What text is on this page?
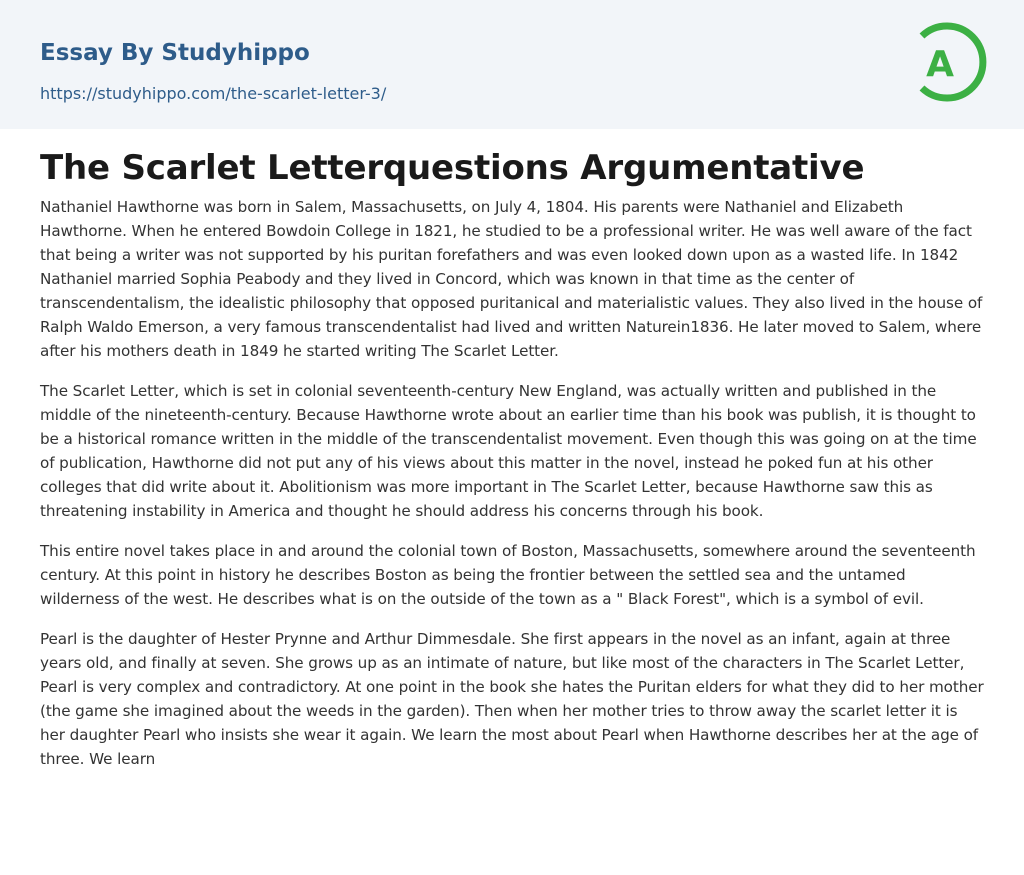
Essay By Studyhippo
https://studyhippo.com/the-scarlet-letter-3/
A
The Scarlet Letterquestions Argumentative

Nathaniel Hawthorne was born in Salem, Massachusetts, on July 4, 1804. His parents were Nathaniel and Elizabeth Hawthorne. When he entered Bowdoin College in 1821, he studied to be a professional writer. He was well aware of the fact that being a writer was not supported by his puritan forefathers and was even looked down upon as a wasted life. In 1842 Nathaniel married Sophia Peabody and they lived in Concord, which was known in that time as the center of transcendentalism, the idealistic philosophy that opposed puritanical and materialistic values. They also lived in the house of Ralph Waldo Emerson, a very famous transcendentalist had lived and written Naturein1836. He later moved to Salem, where after his mothers death in 1849 he started writing The Scarlet Letter.

The Scarlet Letter, which is set in colonial seventeenth-century New England, was actually written and published in the middle of the nineteenth-century. Because Hawthorne wrote about an earlier time than his book was publish, it is thought to be a historical romance written in the middle of the transcendentalist movement. Even though this was going on at the time of publication, Hawthorne did not put any of his views about this matter in the novel, instead he poked fun at his other colleges that did write about it. Abolitionism was more important in The Scarlet Letter, because Hawthorne saw this as threatening instability in America and thought he should address his concerns through his book.

This entire novel takes place in and around the colonial town of Boston, Massachusetts, somewhere around the seventeenth century. At this point in history he describes Boston as being the frontier between the settled sea and the untamed wilderness of the west. He describes what is on the outside of the town as a " Black Forest", which is a symbol of evil.

Pearl is the daughter of Hester Prynne and Arthur Dimmesdale. She first appears in the novel as an infant, again at three years old, and finally at seven. She grows up as an intimate of nature, but like most of the characters in The Scarlet Letter, Pearl is very complex and contradictory. At one point in the book she hates the Puritan elders for what they did to her mother (the game she imagined about the weeds in the garden). Then when her mother tries to throw away the scarlet letter it is her daughter Pearl who insists she wear it again. We learn the most about Pearl when Hawthorne describes her at the age of three. We learn
